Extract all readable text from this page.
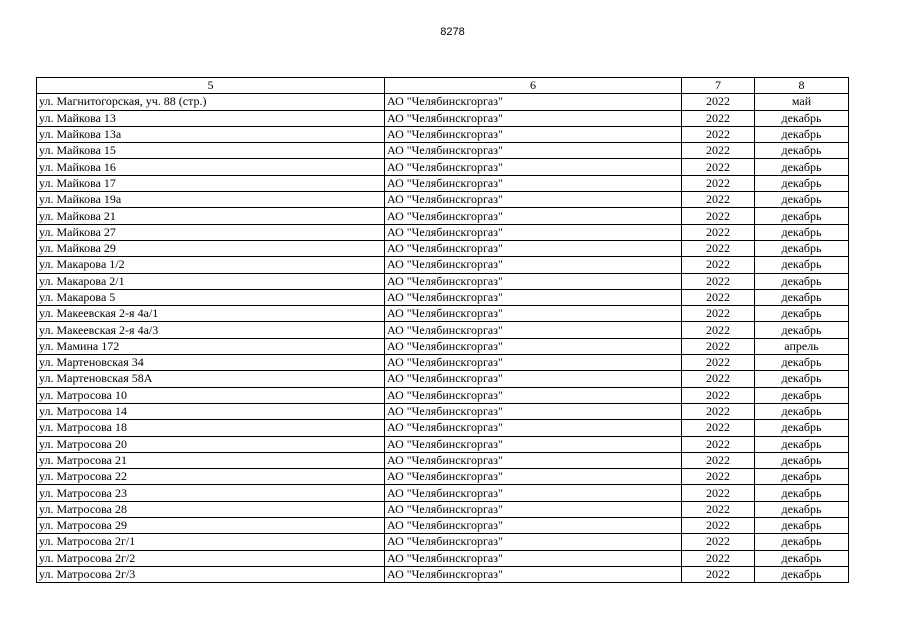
8278
5	6	7	8
ул. Магнитогорская, уч. 88 (стр.)	АО "Челябинскгоргаз"	2022	май
ул. Майкова 13	АО "Челябинскгоргаз"	2022	декабрь
ул. Майкова 13а	АО "Челябинскгоргаз"	2022	декабрь
ул. Майкова 15	АО "Челябинскгоргаз"	2022	декабрь
ул. Майкова 16	АО "Челябинскгоргаз"	2022	декабрь
ул. Майкова 17	АО "Челябинскгоргаз"	2022	декабрь
ул. Майкова 19а	АО "Челябинскгоргаз"	2022	декабрь
ул. Майкова 21	АО "Челябинскгоргаз"	2022	декабрь
ул. Майкова 27	АО "Челябинскгоргаз"	2022	декабрь
ул. Майкова 29	АО "Челябинскгоргаз"	2022	декабрь
ул. Макарова 1/2	АО "Челябинскгоргаз"	2022	декабрь
ул. Макарова 2/1	АО "Челябинскгоргаз"	2022	декабрь
ул. Макарова 5	АО "Челябинскгоргаз"	2022	декабрь
ул. Макеевская 2-я 4а/1	АО "Челябинскгоргаз"	2022	декабрь
ул. Макеевская 2-я 4а/3	АО "Челябинскгоргаз"	2022	декабрь
ул. Мамина 172	АО "Челябинскгоргаз"	2022	апрель
ул. Мартеновская 34	АО "Челябинскгоргаз"	2022	декабрь
ул. Мартеновская 58А	АО "Челябинскгоргаз"	2022	декабрь
ул. Матросова 10	АО "Челябинскгоргаз"	2022	декабрь
ул. Матросова 14	АО "Челябинскгоргаз"	2022	декабрь
ул. Матросова 18	АО "Челябинскгоргаз"	2022	декабрь
ул. Матросова 20	АО "Челябинскгоргаз"	2022	декабрь
ул. Матросова 21	АО "Челябинскгоргаз"	2022	декабрь
ул. Матросова 22	АО "Челябинскгоргаз"	2022	декабрь
ул. Матросова 23	АО "Челябинскгоргаз"	2022	декабрь
ул. Матросова 28	АО "Челябинскгоргаз"	2022	декабрь
ул. Матросова 29	АО "Челябинскгоргаз"	2022	декабрь
ул. Матросова 2г/1	АО "Челябинскгоргаз"	2022	декабрь
ул. Матросова 2г/2	АО "Челябинскгоргаз"	2022	декабрь
ул. Матросова 2г/3	АО "Челябинскгоргаз"	2022	декабрь
